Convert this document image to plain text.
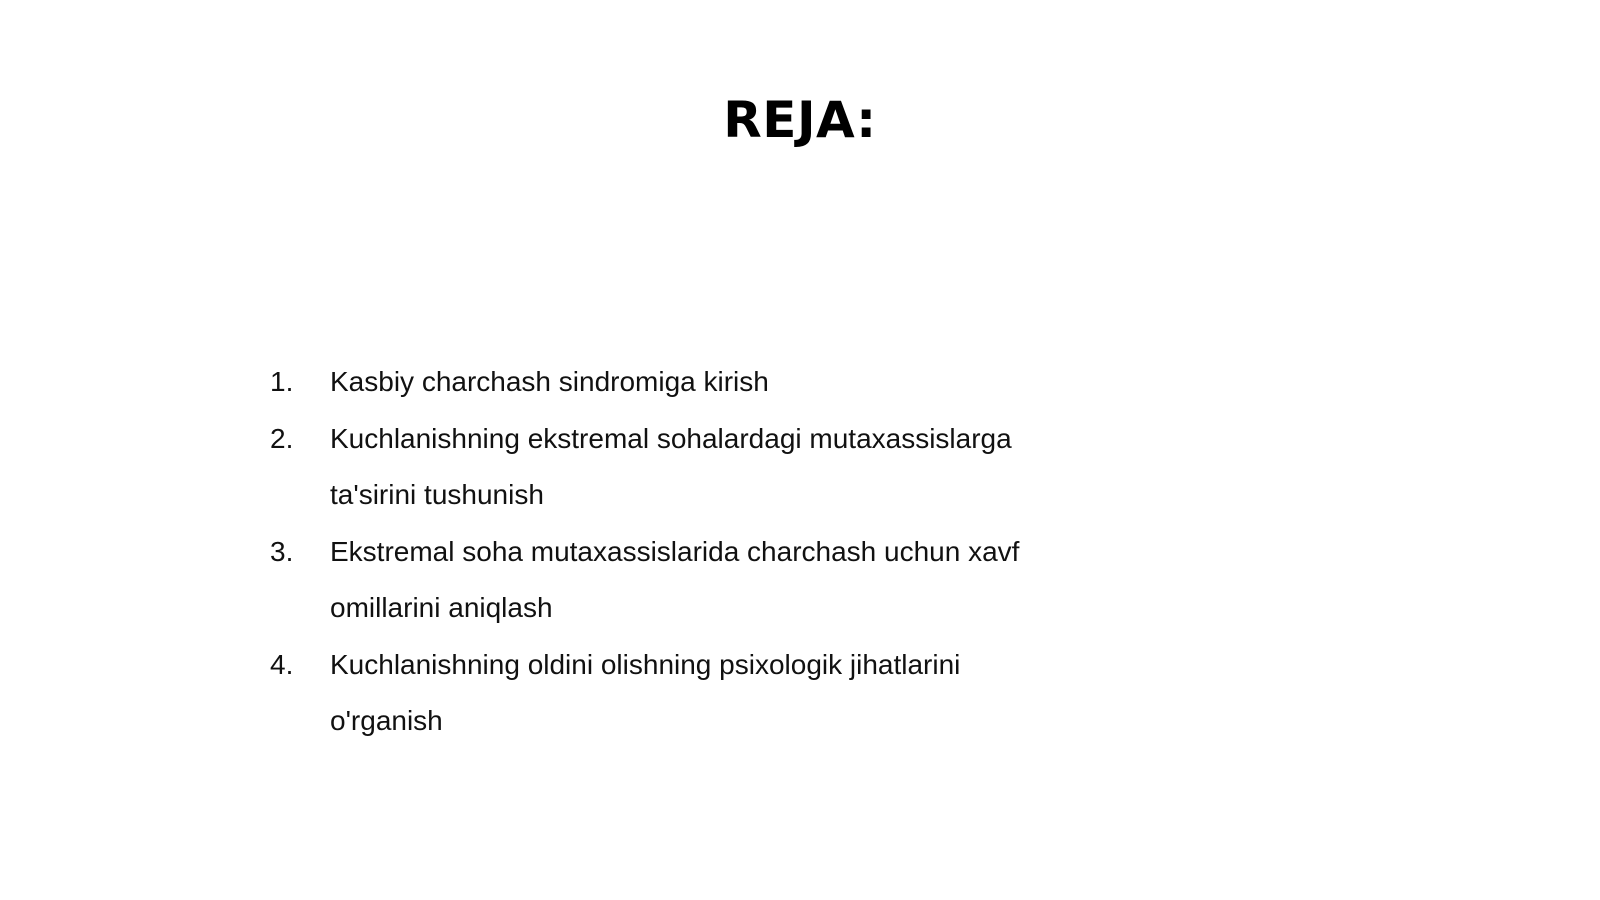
REJA:
1.	Kasbiy charchash sindromiga kirish
2.	Kuchlanishning ekstremal sohalardagi mutaxassislarga ta'sirini tushunish
3.	Ekstremal soha mutaxassislarida charchash uchun xavf omillarini aniqlash
4.	Kuchlanishning oldini olishning psixologik jihatlarini o'rganish
